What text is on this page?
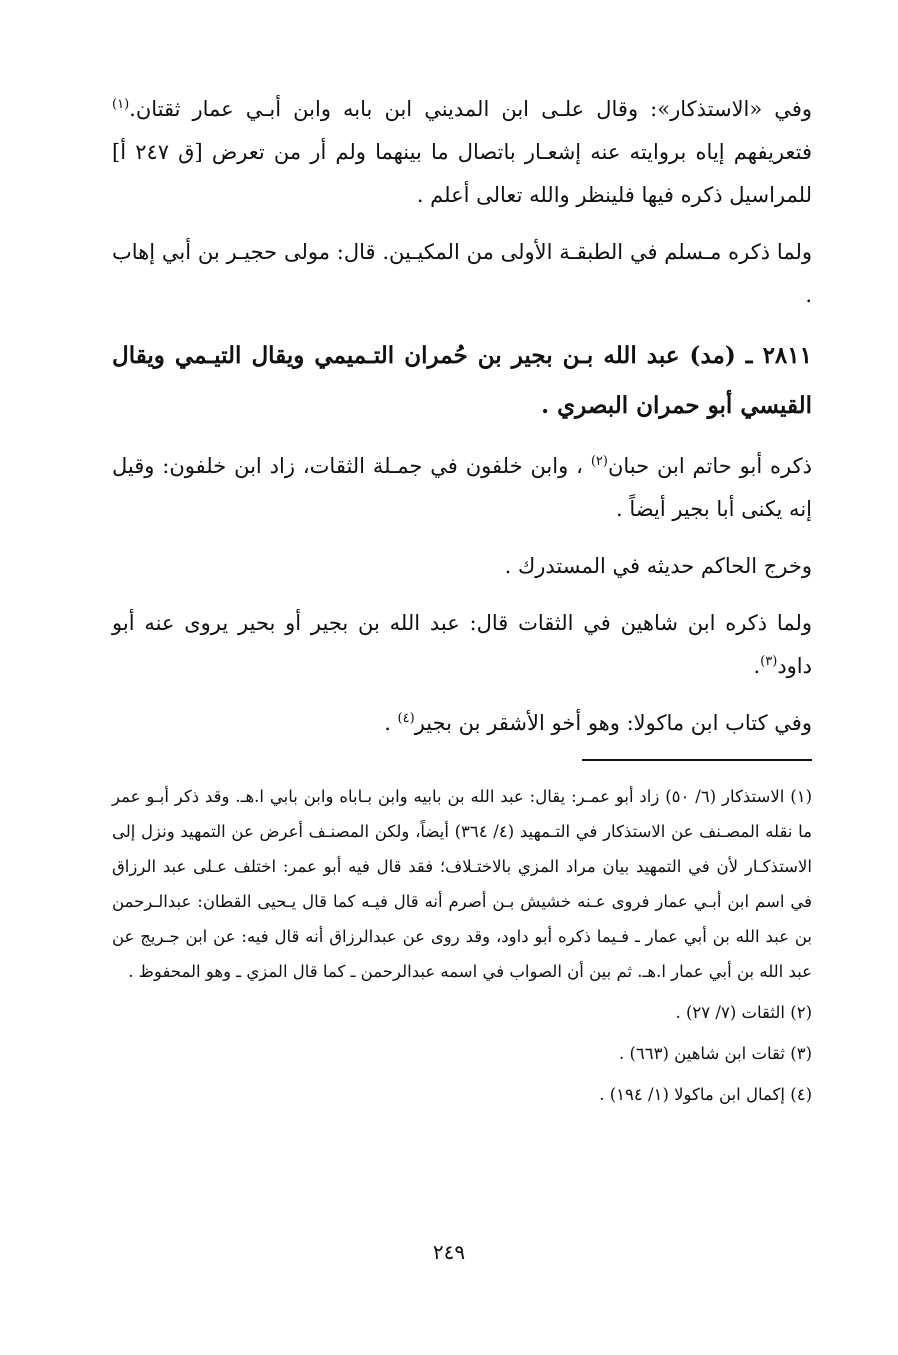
وفي «الاستذكار»: وقال علـى ابن المديني ابن بابه وابن أبـي عمار ثقتان.$^{(١)}$ فتعريفهم إياه بروايته عنه إشعـار باتصال ما بينهما ولم أر من تعرض [ق ٢٤٧ أ] للمراسيل ذكره فيها فلينظر والله تعالى أعلم .

ولما ذكره مـسلم في الطبقـة الأولى من المكيـين. قال: مولى حجيـر بن أبي إهاب .

٢٨١١ ـ (مد) عبد الله بـن بجير بن حُمران التـميمي ويقال التيـمي ويقال القيسي أبو حمران البصري .

ذكره أبو حاتم ابن حبان$^{(٢)}$ ، وابن خلفون في جمـلة الثقات، زاد ابن خلفون: وقيل إنه يكنى أبا بجير أيضاً .

وخرج الحاكم حديثه في المستدرك .

ولما ذكره ابن شاهين في الثقات قال: عبد الله بن بجير أو بحير يروى عنه أبو داود$^{(٣)}$.

وفي كتاب ابن ماكولا: وهو أخو الأشقر بن بجير$^{(٤)}$ .

(١) الاستذكار (٦/ ٥٠) زاد أبو عمـر: يقال: عبد الله بن بابيه وابن بـاباه وابن بابي ا.هـ. وقد ذكر أبـو عمر ما نقله المصـنف عن الاستذكار في التـمهيد (٤/ ٣٦٤) أيضاً، ولكن المصنـف أعرض عن التمهيد ونزل إلى الاستذكـار لأن في التمهيد بيان مراد المزي بالاختـلاف؛ فقد قال فيه أبو عمر: اختلف عـلى عبد الرزاق في اسم ابن أبـي عمار فروى عـنه خشيش بـن أصرم أنه قال فيـه كما قال يـحيى القطان: عبدالـرحمن بن عبد الله بن أبي عمار ـ فـيما ذكره أبو داود، وقد روى عن عبدالرزاق أنه قال فيه: عن ابن جـريج عن عبد الله بن أبي عمار ا.هـ. ثم بين أن الصواب في اسمه عبدالرحمن ـ كما قال المزي ـ وهو المحفوظ .

(٢) الثقات (٧/ ٢٧) .

(٣) ثقات ابن شاهين (٦٦٣) .

(٤) إكمال ابن ماكولا (١/ ١٩٤) .

٢٤٩
